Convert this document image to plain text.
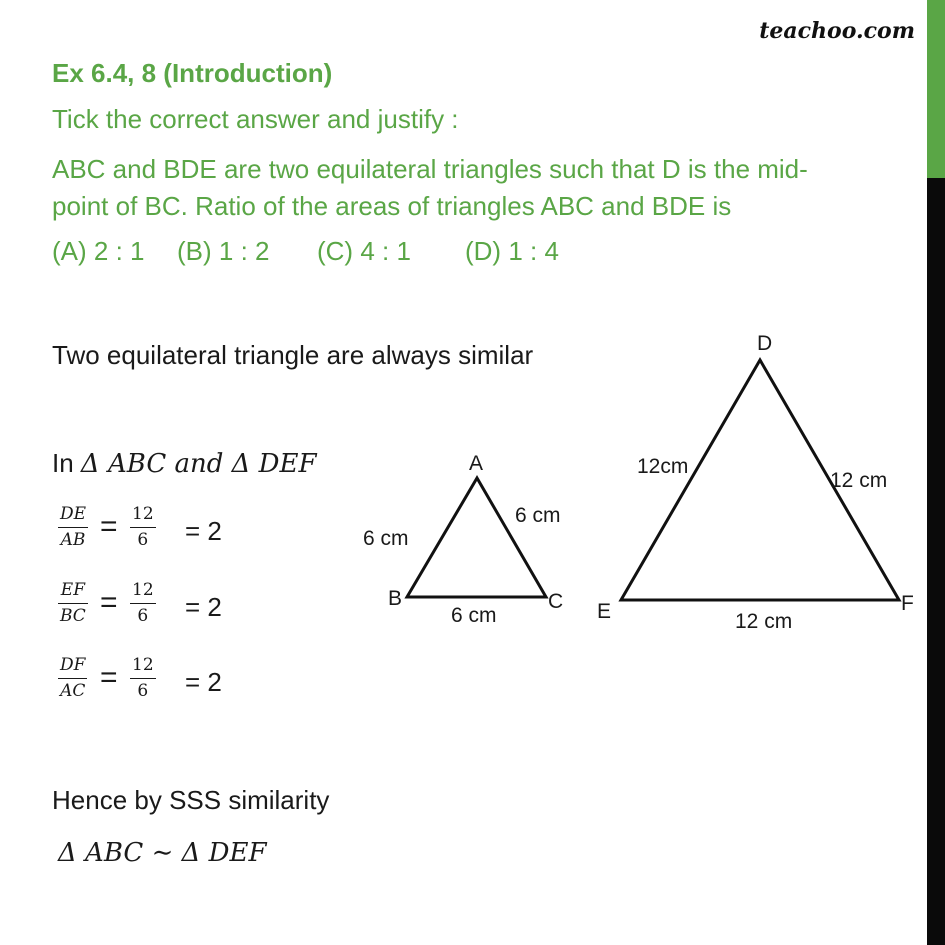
teachoo.com
Ex 6.4, 8 (Introduction)
Tick the correct answer and justify :
ABC and BDE are two equilateral triangles such that D is the mid-
point of BC. Ratio of the areas of triangles ABC and BDE is
(A) 2 : 1 (B) 1 : 2 (C) 4 : 1 (D) 1 : 4
Two equilateral triangle are always similar
In Δ ABC and Δ DEF
DE
AB = 12
6 = 2
EF
BC = 12
6 = 2
DF
AC = 12
6 = 2
Hence by SSS similarity
Δ ABC ∼ Δ DEF
A
B	C
6 cm
6 cm
6 cm
D
E	F
12cm
12 cm
12 cm
